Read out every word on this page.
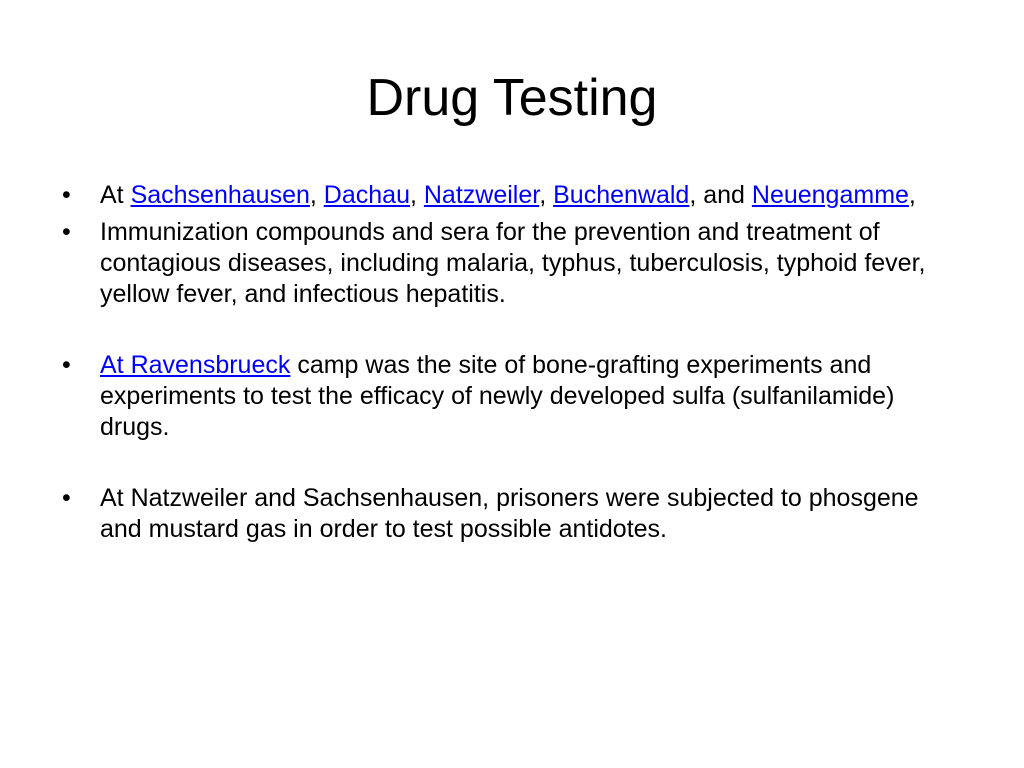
Drug Testing
• At Sachsenhausen, Dachau, Natzweiler, Buchenwald, and Neuengamme,
• Immunization compounds and sera for the prevention and treatment of contagious diseases, including malaria, typhus, tuberculosis, typhoid fever, yellow fever, and infectious hepatitis.
• At Ravensbrueck camp was the site of bone-grafting experiments and experiments to test the efficacy of newly developed sulfa (sulfanilamide) drugs.
• At Natzweiler and Sachsenhausen, prisoners were subjected to phosgene and mustard gas in order to test possible antidotes.
